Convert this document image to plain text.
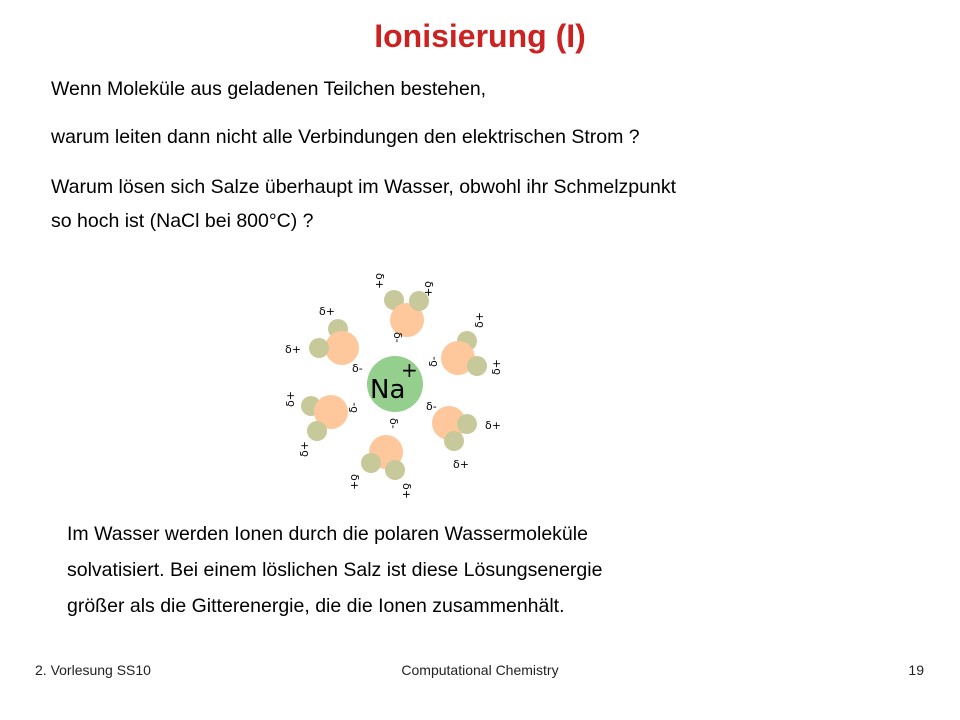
Ionisierung (I)

Wenn Moleküle aus geladenen Teilchen bestehen,

warum leiten dann nicht alle Verbindungen den elektrischen Strom ?

Warum lösen sich Salze überhaupt im Wasser, obwohl ihr Schmelzpunkt

so hoch ist (NaCl bei 800°C) ?

Na
+
δ+
δ+
δ-
δ+
δ+
δ-
δ+
δ-	δ+
δ+
δ-
δ+
δ-
δ+
δ+
δ-
δ+
δ+

Im Wasser werden Ionen durch die polaren Wassermoleküle

solvatisiert. Bei einem löslichen Salz ist diese Lösungsenergie

größer als die Gitterenergie, die die Ionen zusammenhält.

2. Vorlesung SS10	Computational Chemistry	19
